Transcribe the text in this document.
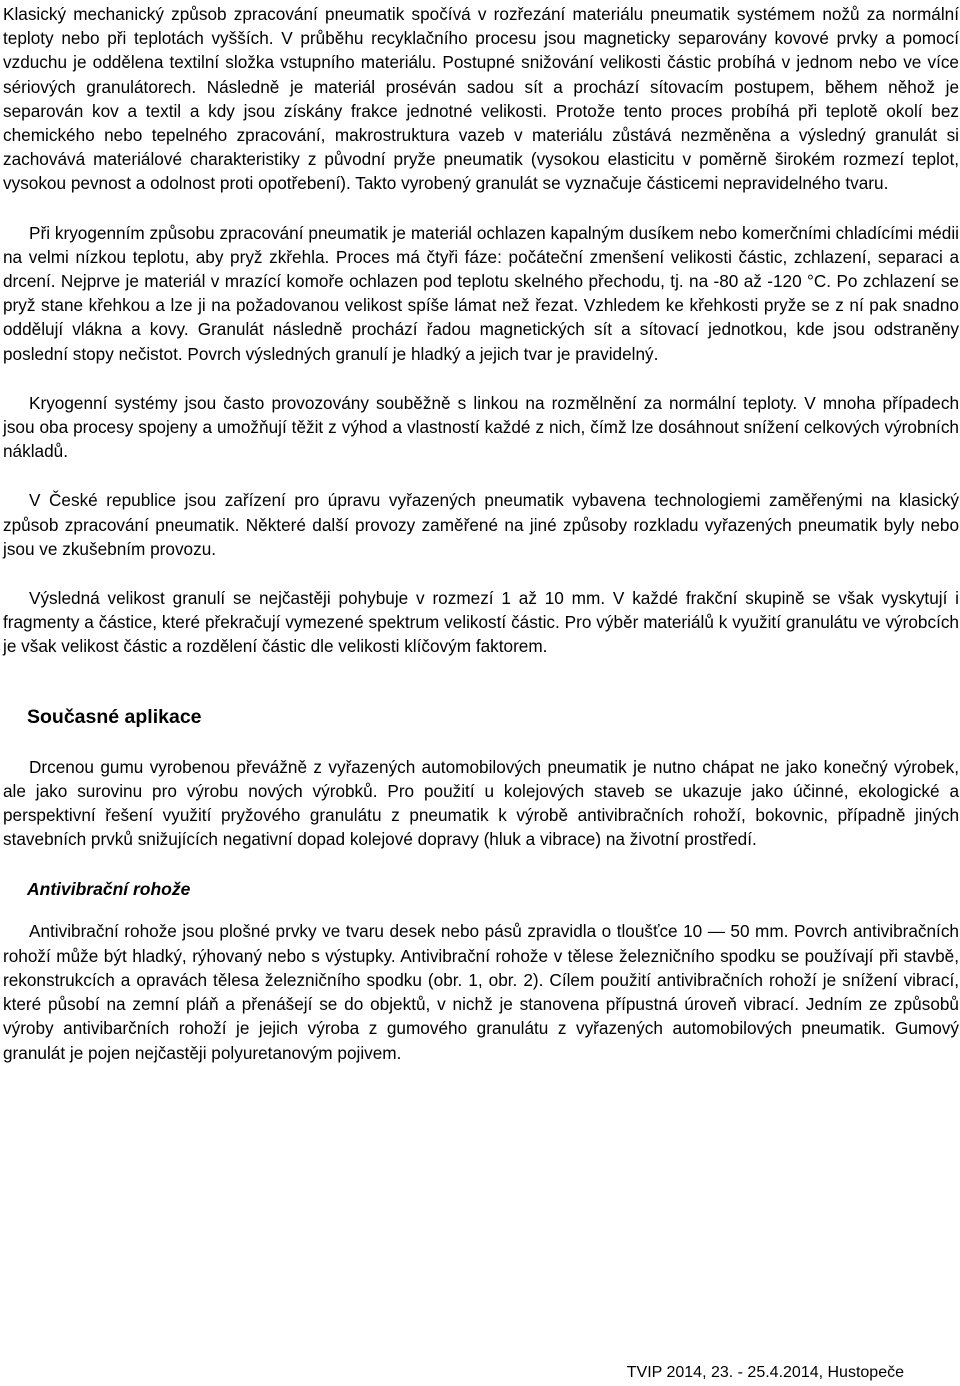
Klasický mechanický způsob zpracování pneumatik spočívá v rozřezání materiálu pneumatik systémem nožů za normální teploty nebo při teplotách vyšších. V průběhu recyklačního procesu jsou magneticky separovány kovové prvky a pomocí vzduchu je oddělena textilní složka vstupního materiálu. Postupné snižování velikosti částic probíhá v jednom nebo ve více sériových granulátorech. Následně je materiál proséván sadou sít a prochází sítovacím postupem, během něhož je separován kov a textil a kdy jsou získány frakce jednotné velikosti. Protože tento proces probíhá při teplotě okolí bez chemického nebo tepelného zpracování, makrostruktura vazeb v materiálu zůstává nezměněna a výsledný granulát si zachovává materiálové charakteristiky z původní pryže pneumatik (vysokou elasticitu v poměrně širokém rozmezí teplot, vysokou pevnost a odolnost proti opotřebení). Takto vyrobený granulát se vyznačuje částicemi nepravidelného tvaru.

Při kryogenním způsobu zpracování pneumatik je materiál ochlazen kapalným dusíkem nebo komerčními chladícími médii na velmi nízkou teplotu, aby pryž zkřehla. Proces má čtyři fáze: počáteční zmenšení velikosti částic, zchlazení, separaci a drcení. Nejprve je materiál v mrazící komoře ochlazen pod teplotu skelného přechodu, tj. na -80 až -120 °C. Po zchlazení se pryž stane křehkou a lze ji na požadovanou velikost spíše lámat než řezat. Vzhledem ke křehkosti pryže se z ní pak snadno oddělují vlákna a kovy. Granulát následně prochází řadou magnetických sít a sítovací jednotkou, kde jsou odstraněny poslední stopy nečistot. Povrch výsledných granulí je hladký a jejich tvar je pravidelný.

Kryogenní systémy jsou často provozovány souběžně s linkou na rozmělnění za normální teploty. V mnoha případech jsou oba procesy spojeny a umožňují těžit z výhod a vlastností každé z nich, čímž lze dosáhnout snížení celkových výrobních nákladů.

V České republice jsou zařízení pro úpravu vyřazených pneumatik vybavena technologiemi zaměřenými na klasický způsob zpracování pneumatik. Některé další provozy zaměřené na jiné způsoby rozkladu vyřazených pneumatik byly nebo jsou ve zkušebním provozu.

Výsledná velikost granulí se nejčastěji pohybuje v rozmezí 1 až 10 mm. V každé frakční skupině se však vyskytují i fragmenty a částice, které překračují vymezené spektrum velikostí částic. Pro výběr materiálů k využití granulátu ve výrobcích je však velikost částic a rozdělení částic dle velikosti klíčovým faktorem.

Současné aplikace

Drcenou gumu vyrobenou převážně z vyřazených automobilových pneumatik je nutno chápat ne jako konečný výrobek, ale jako surovinu pro výrobu nových výrobků. Pro použití u kolejových staveb se ukazuje jako účinné, ekologické a perspektivní řešení využití pryžového granulátu z pneumatik k výrobě antivibračních rohoží, bokovnic, případně jiných stavebních prvků snižujících negativní dopad kolejové dopravy (hluk a vibrace) na životní prostředí.

Antivibrační rohože

Antivibrační rohože jsou plošné prvky ve tvaru desek nebo pásů zpravidla o tloušťce 10 — 50 mm. Povrch antivibračních rohoží může být hladký, rýhovaný nebo s výstupky. Antivibrační rohože v tělese železničního spodku se používají při stavbě, rekonstrukcích a opravách tělesa železničního spodku (obr. 1, obr. 2). Cílem použití antivibračních rohoží je snížení vibrací, které působí na zemní pláň a přenášejí se do objektů, v nichž je stanovena přípustná úroveň vibrací. Jedním ze způsobů výroby antivibarčních rohoží je jejich výroba z gumového granulátu z vyřazených automobilových pneumatik. Gumový granulát je pojen nejčastěji polyuretanovým pojivem.

TVIP 2014, 23. - 25.4.2014, Hustopeče
